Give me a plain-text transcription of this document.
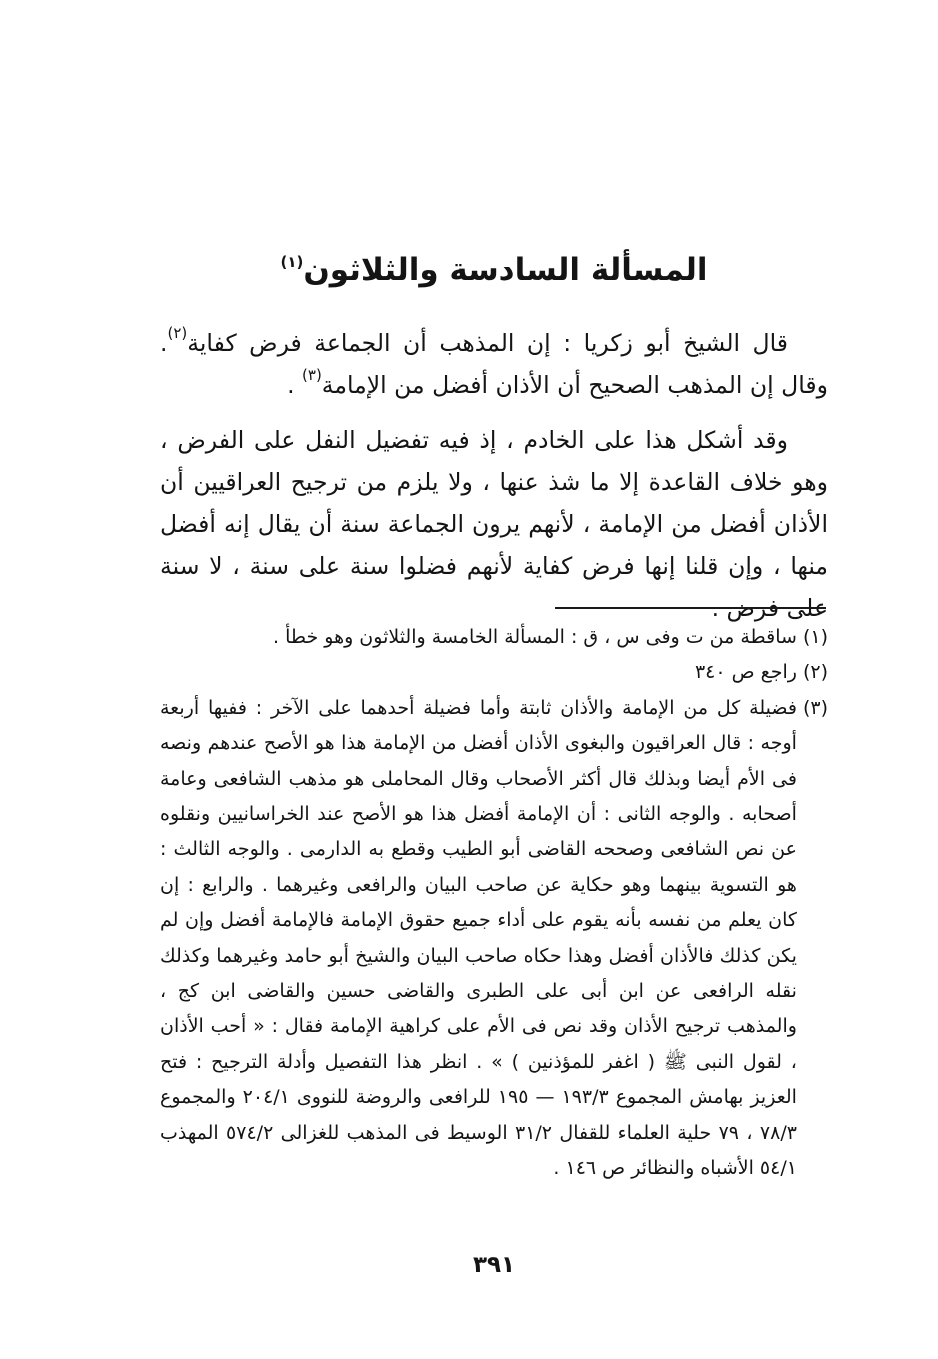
المسألة السادسة والثلاثون$^{(١)}$
قال الشيخ أبو زكريا : إن المذهب أن الجماعة فرض كفاية$^{(٢)}$. وقال إن المذهب الصحيح أن الأذان أفضل من الإمامة$^{(٣)}$ .
وقد أشكل هذا على الخادم ، إذ فيه تفضيل النفل على الفرض ، وهو خلاف القاعدة إلا ما شذ عنها ، ولا يلزم من ترجيح العراقيين أن الأذان أفضل من الإمامة ، لأنهم يرون الجماعة سنة أن يقال إنه أفضل منها ، وإن قلنا إنها فرض كفاية لأنهم فضلوا سنة على سنة ، لا سنة على فرض .
(١)
ساقطة من ت وفى س ، ق : المسألة الخامسة والثلاثون وهو خطأ .
(٢)
راجع ص ٣٤٠
(٣)
فضيلة كل من الإمامة والأذان ثابتة وأما فضيلة أحدهما على الآخر : ففيها أربعة أوجه : قال العراقيون والبغوى الأذان أفضل من الإمامة هذا هو الأصح عندهم ونصه فى الأم أيضا وبذلك قال أكثر الأصحاب وقال المحاملى هو مذهب الشافعى وعامة أصحابه . والوجه الثانى : أن الإمامة أفضل هذا هو الأصح عند الخراسانيين ونقلوه عن نص الشافعى وصححه القاضى أبو الطيب وقطع به الدارمى . والوجه الثالث : هو التسوية بينهما وهو حكاية عن صاحب البيان والرافعى وغيرهما . والرابع : إن كان يعلم من نفسه بأنه يقوم على أداء جميع حقوق الإمامة فالإمامة أفضل وإن لم يكن كذلك فالأذان أفضل وهذا حكاه صاحب البيان والشيخ أبو حامد وغيرهما وكذلك نقله الرافعى عن ابن أبى على الطبرى والقاضى حسين والقاضى ابن كج ، والمذهب ترجيح الأذان وقد نص فى الأم على كراهية الإمامة فقال : « أحب الأذان ، لقول النبى ﷺ ( اغفر للمؤذنين ) » . انظر هذا التفصيل وأدلة الترجيح : فتح العزيز بهامش المجموع ١٩٣/٣ — ١٩٥ للرافعى والروضة للنووى ٢٠٤/١ والمجموع ٧٨/٣ ، ٧٩ حلية العلماء للقفال ٣١/٢ الوسيط فى المذهب للغزالى ٥٧٤/٢ المهذب ٥٤/١ الأشباه والنظائر ص ١٤٦ .
٣٩١
